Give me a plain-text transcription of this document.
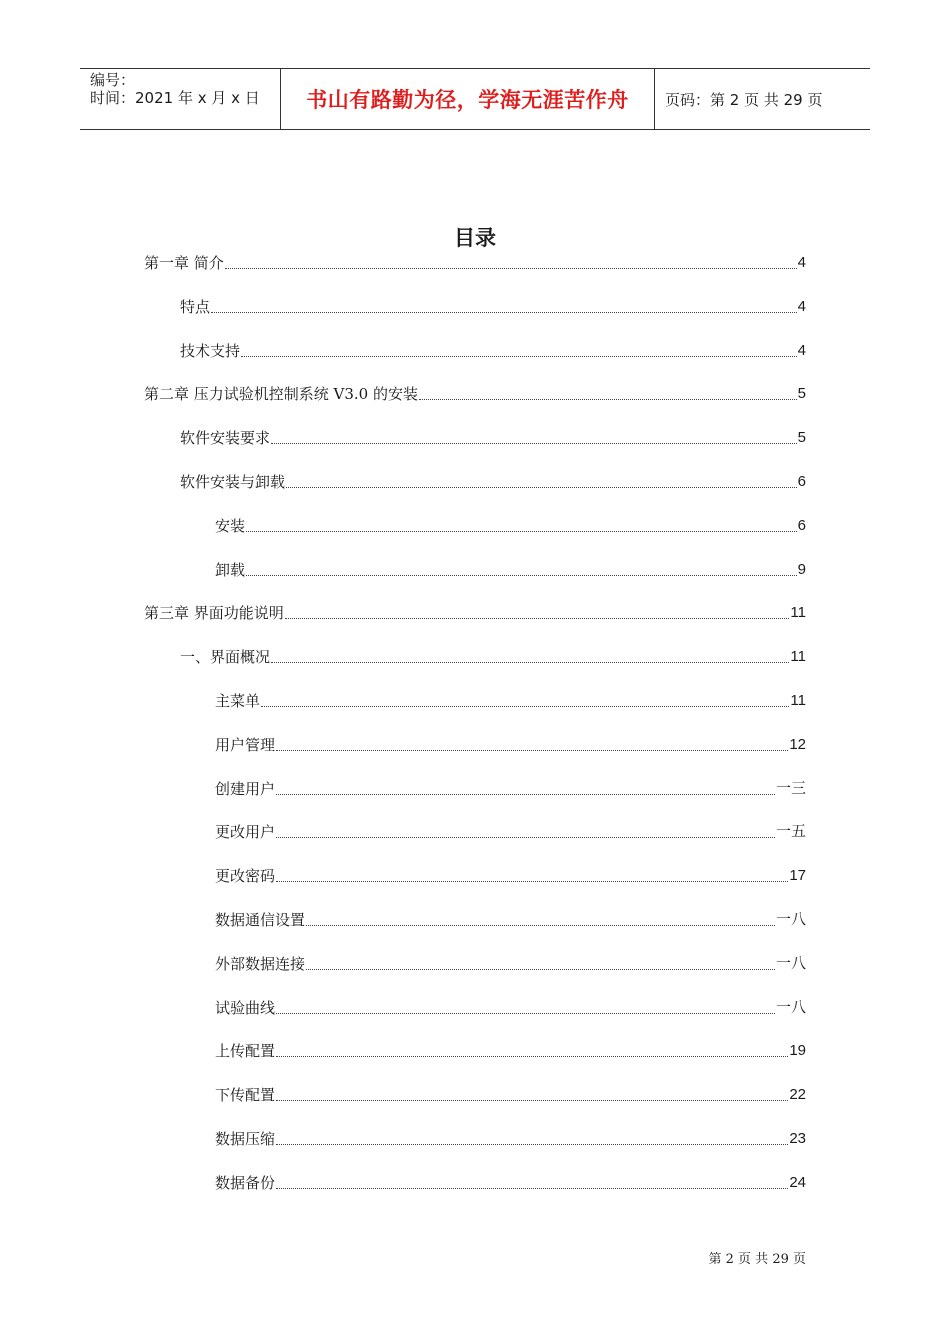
编号：
时间：2021 年 x 月 x 日	书山有路勤为径，学海无涯苦作舟	页码：第 2 页 共 29 页
目录
第一章 简介	4
特点	4
技术支持	4
第二章 压力试验机控制系统 V3.0 的安装	5
软件安装要求	5
软件安装与卸载	6
安装	6
卸载	9
第三章 界面功能说明	11
一、界面概况	11
主菜单	11
用户管理	12
创建用户	一三
更改用户	一五
更改密码	17
数据通信设置	一八
外部数据连接	一八
试验曲线	一八
上传配置	19
下传配置	22
数据压缩	23
数据备份	24
第 2 页 共 29 页
